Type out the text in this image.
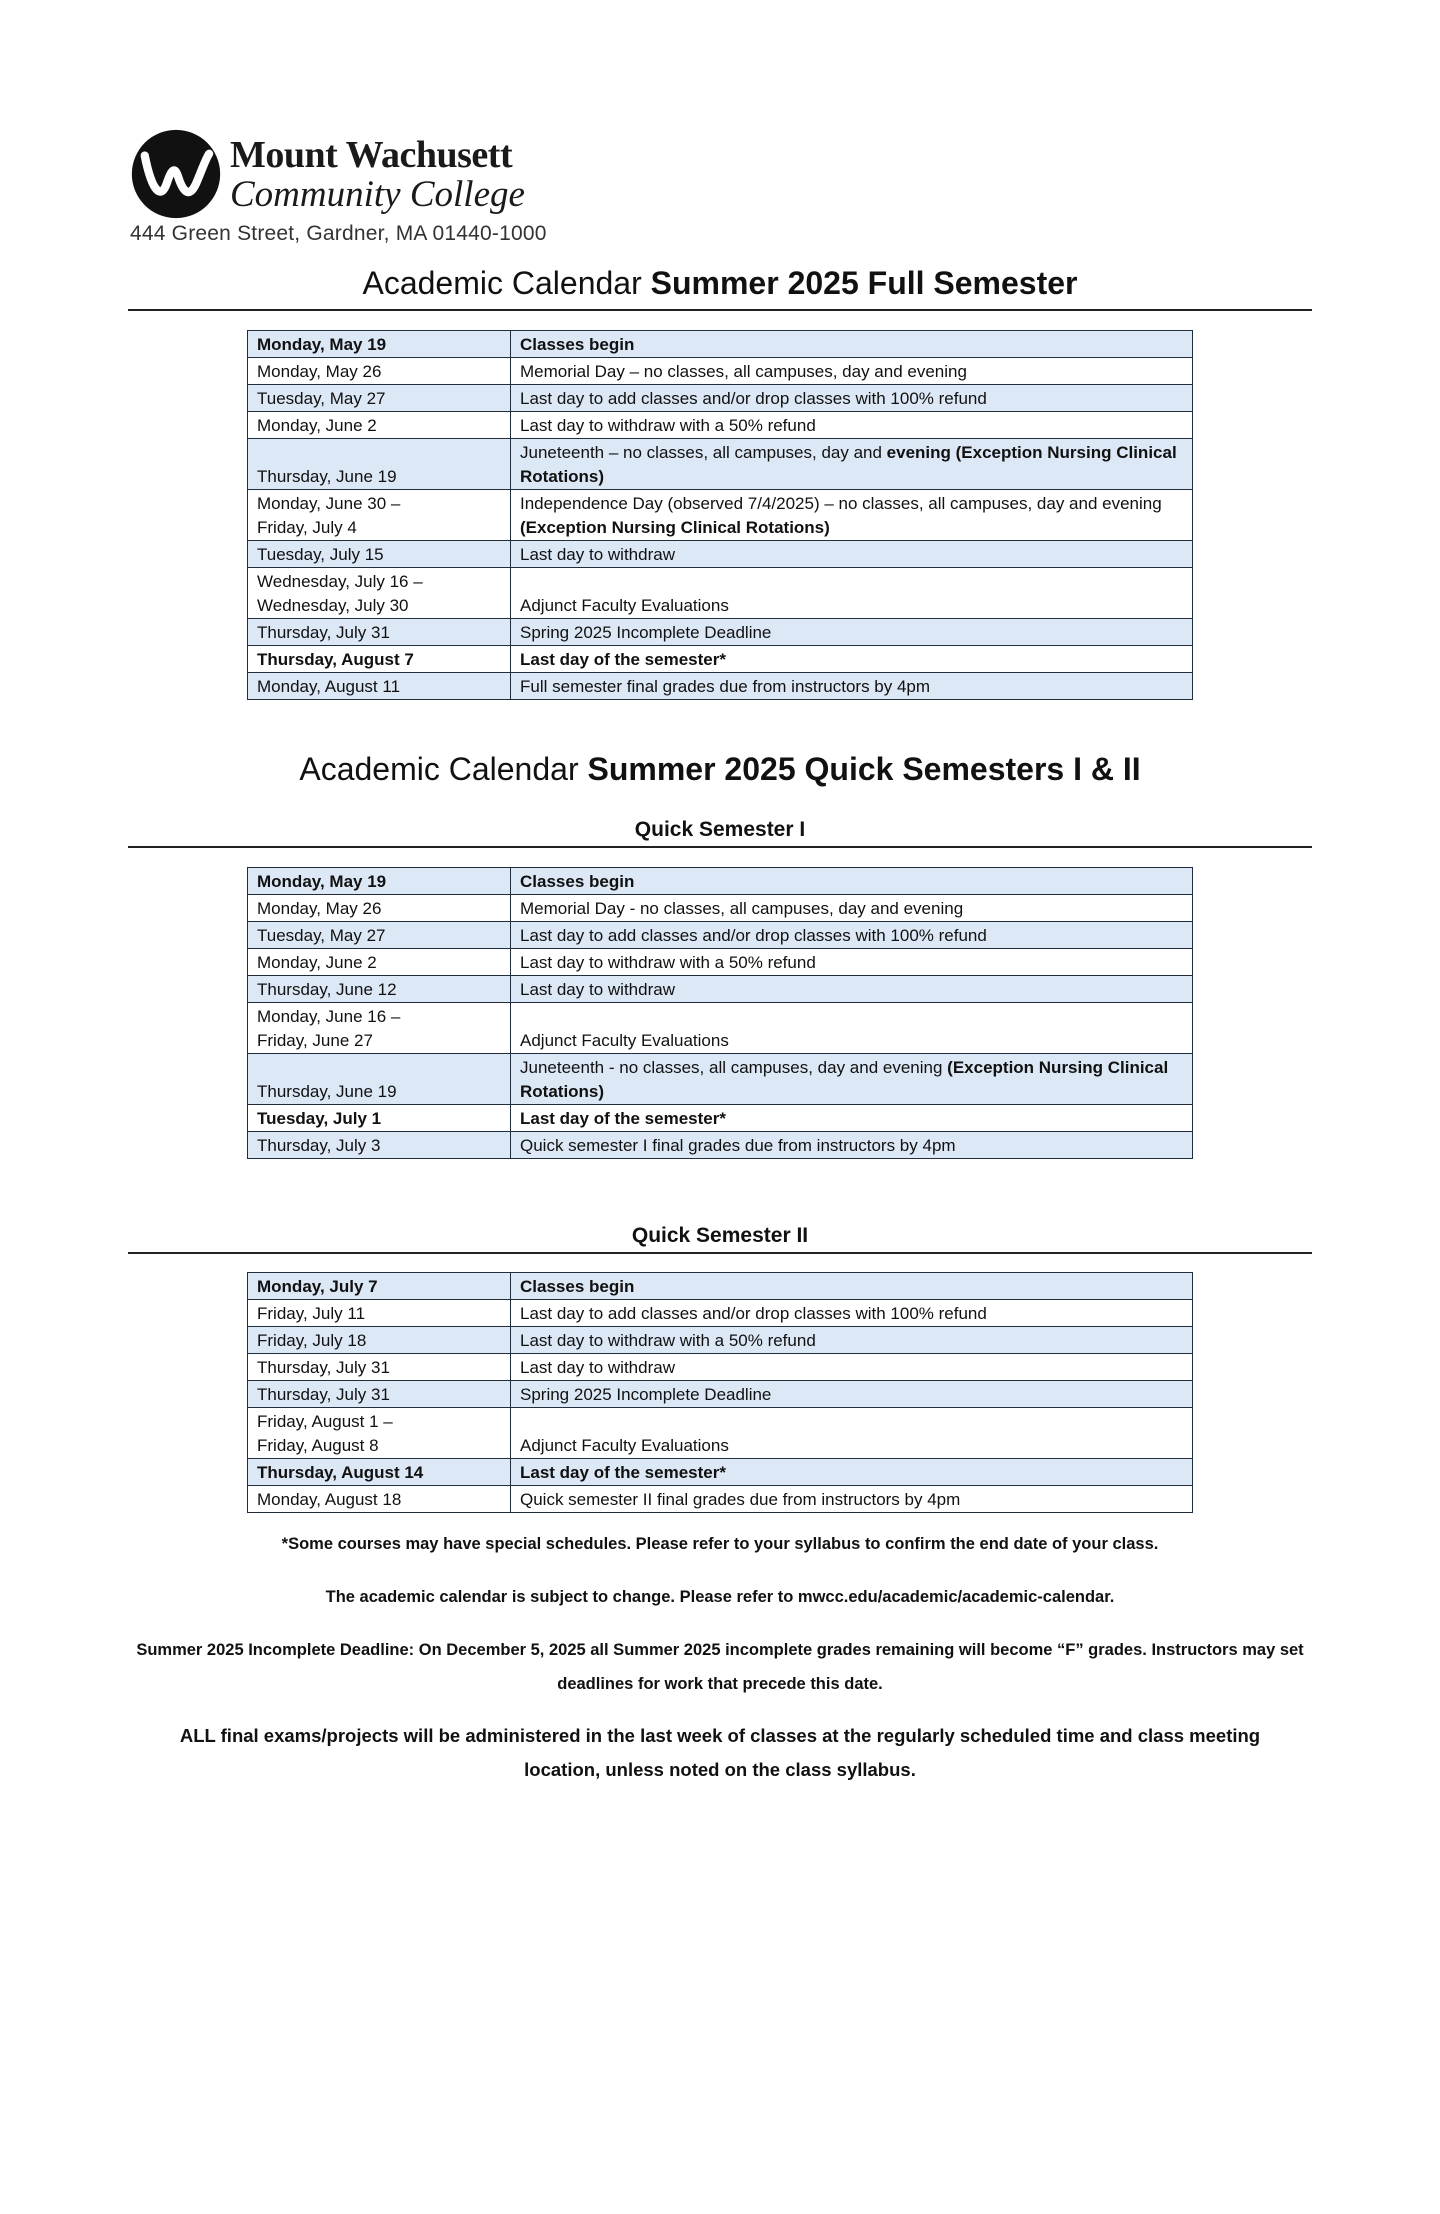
Mount Wachusett
Community College
444 Green Street, Gardner, MA 01440-1000
Academic Calendar Summer 2025 Full Semester
Monday, May 19	Classes begin
Monday, May 26	Memorial Day – no classes, all campuses, day and evening
Tuesday, May 27	Last day to add classes and/or drop classes with 100% refund
Monday, June 2	Last day to withdraw with a 50% refund
Thursday, June 19	Juneteenth – no classes, all campuses, day and evening (Exception Nursing Clinical Rotations)
Monday, June 30 –
Friday, July 4	Independence Day (observed 7/4/2025) – no classes, all campuses, day and evening (Exception Nursing Clinical Rotations)
Tuesday, July 15	Last day to withdraw
Wednesday, July 16 –
Wednesday, July 30	Adjunct Faculty Evaluations
Thursday, July 31	Spring 2025 Incomplete Deadline
Thursday, August 7	Last day of the semester*
Monday, August 11	Full semester final grades due from instructors by 4pm
Academic Calendar Summer 2025 Quick Semesters I & II
Quick Semester I
Monday, May 19	Classes begin
Monday, May 26	Memorial Day - no classes, all campuses, day and evening
Tuesday, May 27	Last day to add classes and/or drop classes with 100% refund
Monday, June 2	Last day to withdraw with a 50% refund
Thursday, June 12	Last day to withdraw
Monday, June 16 –
Friday, June 27	Adjunct Faculty Evaluations
Thursday, June 19	Juneteenth - no classes, all campuses, day and evening (Exception Nursing Clinical Rotations)
Tuesday, July 1	Last day of the semester*
Thursday, July 3	Quick semester I final grades due from instructors by 4pm
Quick Semester II
Monday, July 7	Classes begin
Friday, July 11	Last day to add classes and/or drop classes with 100% refund
Friday, July 18	Last day to withdraw with a 50% refund
Thursday, July 31	Last day to withdraw
Thursday, July 31	Spring 2025 Incomplete Deadline
Friday, August 1 –
Friday, August 8	Adjunct Faculty Evaluations
Thursday, August 14	Last day of the semester*
Monday, August 18	Quick semester II final grades due from instructors by 4pm
*Some courses may have special schedules. Please refer to your syllabus to confirm the end date of your class.
The academic calendar is subject to change. Please refer to mwcc.edu/academic/academic-calendar.
Summer 2025 Incomplete Deadline: On December 5, 2025 all Summer 2025 incomplete grades remaining will become “F” grades. Instructors may set deadlines for work that precede this date.
ALL final exams/projects will be administered in the last week of classes at the regularly scheduled time and class meeting location, unless noted on the class syllabus.
